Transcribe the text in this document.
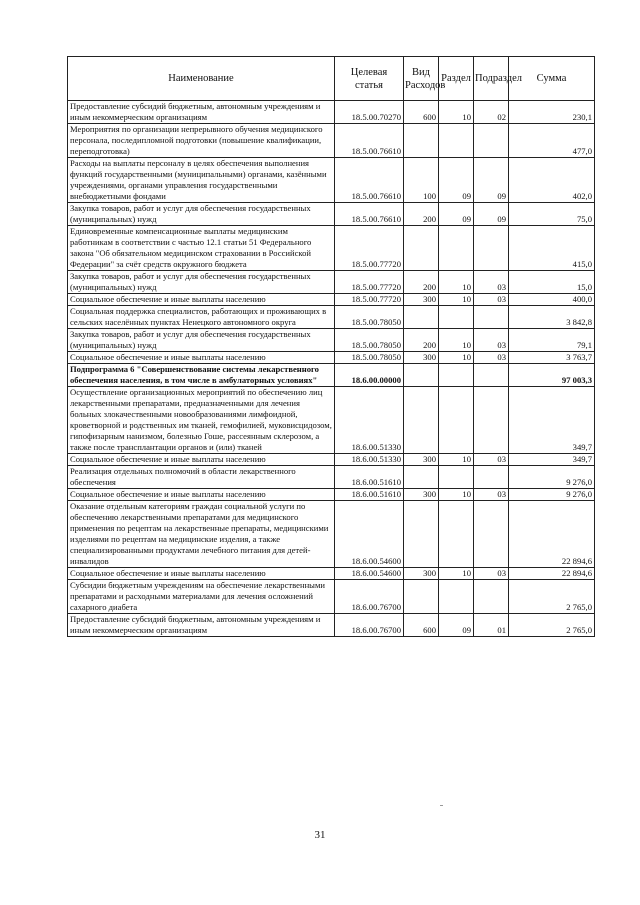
Наименование	Целевая статья	Вид Расходов	Раздел	Подраздел	Сумма
Предоставление субсидий бюджетным, автономным учреждениям и иным некоммерческим организациям	18.5.00.70270	600	10	02	230,1
Мероприятия по организации непрерывного обучения медицинского персонала, последипломной подготовки (повышение квалификации, переподготовка)	18.5.00.76610				477,0
Расходы на выплаты персоналу в целях обеспечения выполнения функций государственными (муниципальными) органами, казёнными учреждениями, органами управления государственными внебюджетными фондами	18.5.00.76610	100	09	09	402,0
Закупка товаров, работ и услуг для обеспечения государственных (муниципальных) нужд	18.5.00.76610	200	09	09	75,0
Единовременные компенсационные выплаты медицинским работникам в соответствии с частью 12.1 статьи 51 Федерального закона "Об обязательном медицинском страховании в Российской Федерации" за счёт средств окружного бюджета	18.5.00.77720				415,0
Закупка товаров, работ и услуг для обеспечения государственных (муниципальных) нужд	18.5.00.77720	200	10	03	15,0
Социальное обеспечение и иные выплаты населению	18.5.00.77720	300	10	03	400,0
Социальная поддержка специалистов, работающих и проживающих в сельских населённых пунктах Ненецкого автономного округа	18.5.00.78050				3 842,8
Закупка товаров, работ и услуг для обеспечения государственных (муниципальных) нужд	18.5.00.78050	200	10	03	79,1
Социальное обеспечение и иные выплаты населению	18.5.00.78050	300	10	03	3 763,7
Подпрограмма 6 "Совершенствование системы лекарственного обеспечения населения, в том числе в амбулаторных условиях"	18.6.00.00000				97 003,3
Осуществление организационных мероприятий по обеспечению лиц лекарственными препаратами, предназначенными для лечения больных злокачественными новообразованиями лимфоидной, кроветворной и родственных им тканей, гемофилией, муковисцидозом, гипофизарным нанизмом, болезнью Гоше, рассеянным склерозом, а также после трансплантации органов и (или) тканей	18.6.00.51330				349,7
Социальное обеспечение и иные выплаты населению	18.6.00.51330	300	10	03	349,7
Реализация отдельных полномочий в области лекарственного обеспечения	18.6.00.51610				9 276,0
Социальное обеспечение и иные выплаты населению	18.6.00.51610	300	10	03	9 276,0
Оказание отдельным категориям граждан социальной услуги по обеспечению лекарственными препаратами для медицинского применения по рецептам на лекарственные препараты, медицинскими изделиями по рецептам на медицинские изделия, а также специализированными продуктами лечебного питания для детей-инвалидов	18.6.00.54600				22 894,6
Социальное обеспечение и иные выплаты населению	18.6.00.54600	300	10	03	22 894,6
Субсидии бюджетным учреждениям на обеспечение лекарственными препаратами и расходными материалами для лечения осложнений сахарного диабета	18.6.00.76700				2 765,0
Предоставление субсидий бюджетным, автономным учреждениям и иным некоммерческим организациям	18.6.00.76700	600	09	01	2 765,0
31
